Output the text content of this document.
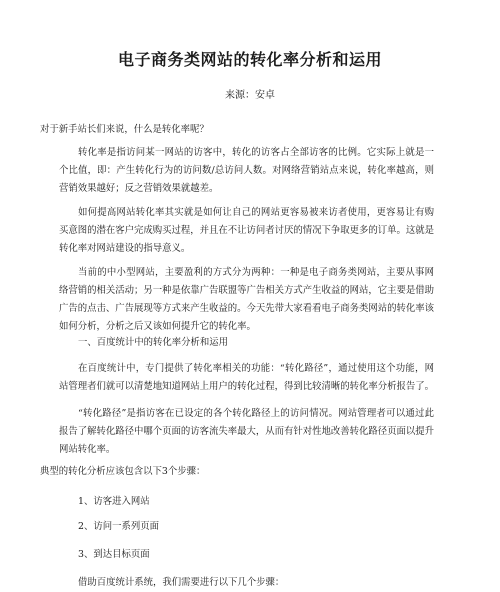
电子商务类网站的转化率分析和运用
来源：安卓
对于新手站长们来说，什么是转化率呢？

转化率是指访问某一网站的访客中，转化的访客占全部访客的比例。它实际上就是一个比值，即：产生转化行为的访问数/总访问人数。对网络营销站点来说，转化率越高，则营销效果越好；反之营销效果就越差。

如何提高网站转化率其实就是如何让自己的网站更容易被来访者使用，更容易让有购买意图的潜在客户完成购买过程，并且在不让访问者讨厌的情况下争取更多的订单。这就是转化率对网站建设的指导意义。

当前的中小型网站，主要盈利的方式分为两种：一种是电子商务类网站，主要从事网络营销的相关活动；另一种是依靠广告联盟等广告相关方式产生收益的网站，它主要是借助广告的点击、广告展现等方式来产生收益的。今天先带大家看看电子商务类网站的转化率该如何分析，分析之后又该如何提升它的转化率。

一、百度统计中的转化率分析和运用

在百度统计中，专门提供了转化率相关的功能：“转化路径”，通过使用这个功能，网站管理者们就可以清楚地知道网站上用户的转化过程，得到比较清晰的转化率分析报告了。

“转化路径”是指访客在已设定的各个转化路径上的访问情况。网站管理者可以通过此报告了解转化路径中哪个页面的访客流失率最大，从而有针对性地改善转化路径页面以提升网站转化率。

典型的转化分析应该包含以下3个步骤：
1、访客进入网站
2、访问一系列页面
3、到达目标页面
借助百度统计系统，我们需要进行以下几个步骤：
